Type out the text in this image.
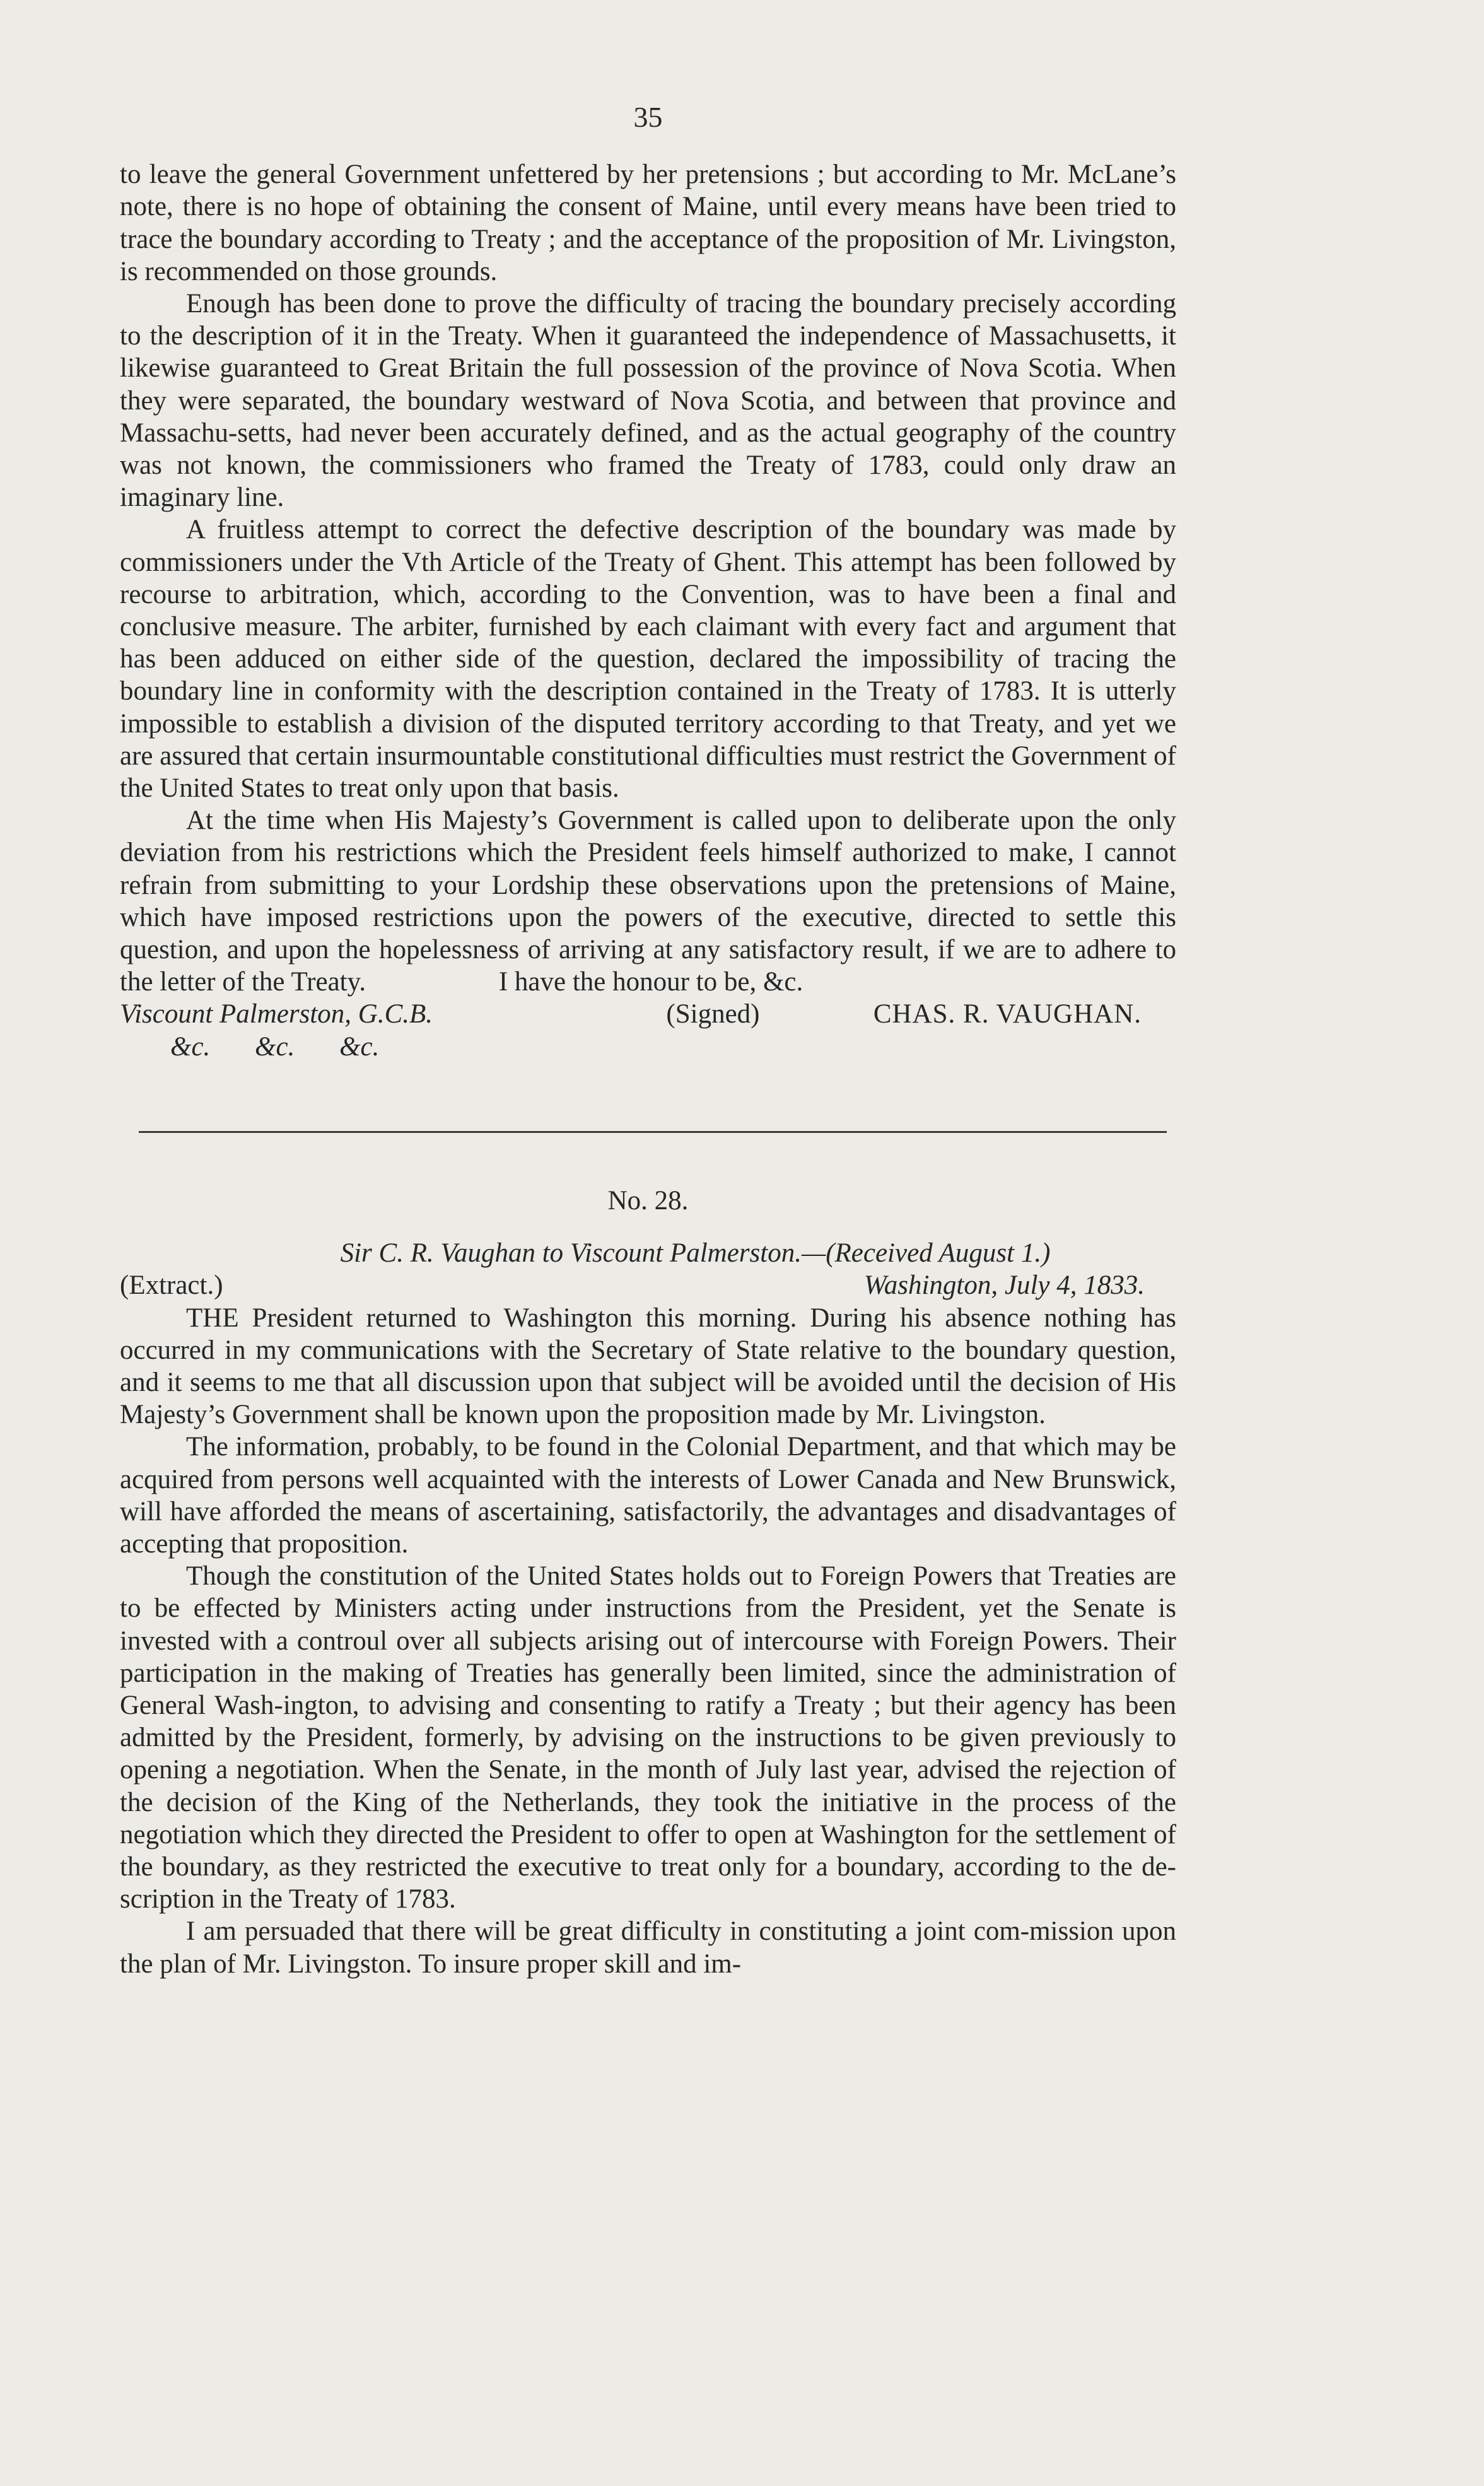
35

to leave the general Government unfettered by her pretensions ; but according to Mr. McLane’s note, there is no hope of obtaining the consent of Maine, until every means have been tried to trace the boundary according to Treaty ; and the acceptance of the proposition of Mr. Livingston, is recommended on those grounds.

Enough has been done to prove the difficulty of tracing the boundary precisely according to the description of it in the Treaty. When it guaranteed the independence of Massachusetts, it likewise guaranteed to Great Britain the full possession of the province of Nova Scotia. When they were separated, the boundary westward of Nova Scotia, and between that province and Massachu-setts, had never been accurately defined, and as the actual geography of the country was not known, the commissioners who framed the Treaty of 1783, could only draw an imaginary line.

A fruitless attempt to correct the defective description of the boundary was made by commissioners under the Vth Article of the Treaty of Ghent. This attempt has been followed by recourse to arbitration, which, according to the Convention, was to have been a final and conclusive measure. The arbiter, furnished by each claimant with every fact and argument that has been adduced on either side of the question, declared the impossibility of tracing the boundary line in conformity with the description contained in the Treaty of 1783. It is utterly impossible to establish a division of the disputed territory according to that Treaty, and yet we are assured that certain insurmountable constitutional difficulties must restrict the Government of the United States to treat only upon that basis.

At the time when His Majesty’s Government is called upon to deliberate upon the only deviation from his restrictions which the President feels himself authorized to make, I cannot refrain from submitting to your Lordship these observations upon the pretensions of Maine, which have imposed restrictions upon the powers of the executive, directed to settle this question, and upon the hopelessness of arriving at any satisfactory result, if we are to adhere to the letter of the Treaty.	I have the honour to be, &c.

Viscount Palmerston, G.C.B.	(Signed)	CHAS. R. VAUGHAN.
&c. &c. &c.
No. 28.
Sir C. R. Vaughan to Viscount Palmerston.—(Received August 1.)
(Extract.)	Washington, July 4, 1833.

THE President returned to Washington this morning. During his absence nothing has occurred in my communications with the Secretary of State relative to the boundary question, and it seems to me that all discussion upon that subject will be avoided until the decision of His Majesty’s Government shall be known upon the proposition made by Mr. Livingston.

The information, probably, to be found in the Colonial Department, and that which may be acquired from persons well acquainted with the interests of Lower Canada and New Brunswick, will have afforded the means of ascertaining, satisfactorily, the advantages and disadvantages of accepting that proposition.

Though the constitution of the United States holds out to Foreign Powers that Treaties are to be effected by Ministers acting under instructions from the President, yet the Senate is invested with a controul over all subjects arising out of intercourse with Foreign Powers. Their participation in the making of Treaties has generally been limited, since the administration of General Wash-ington, to advising and consenting to ratify a Treaty ; but their agency has been admitted by the President, formerly, by advising on the instructions to be given previously to opening a negotiation. When the Senate, in the month of July last year, advised the rejection of the decision of the King of the Netherlands, they took the initiative in the process of the negotiation which they directed the President to offer to open at Washington for the settlement of the boundary, as they restricted the executive to treat only for a boundary, according to the de-scription in the Treaty of 1783.

I am persuaded that there will be great difficulty in constituting a joint com-mission upon the plan of Mr. Livingston. To insure proper skill and im-
